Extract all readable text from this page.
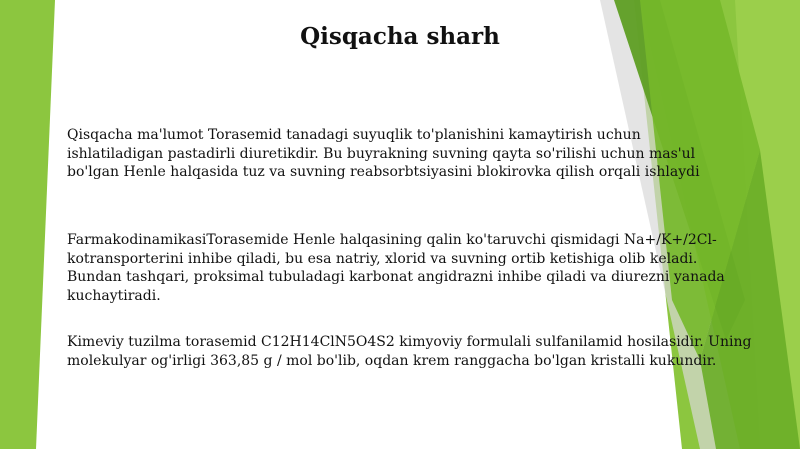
Qisqacha sharh

Qisqacha ma'lumot Torasemid tanadagi suyuqlik to'planishini kamaytirish uchun
ishlatiladigan pastadirli diuretikdir. Bu buyrakning suvning qayta so'rilishi uchun mas'ul
bo'lgan Henle halqasida tuz va suvning reabsorbtsiyasini blokirovka qilish orqali ishlaydi

FarmakodinamikasiTorasemide Henle halqasining qalin ko'taruvchi qismidagi Na+/K+/2Cl-
kotransporterini inhibe qiladi, bu esa natriy, xlorid va suvning ortib ketishiga olib keladi.
Bundan tashqari, proksimal tubuladagi karbonat angidrazni inhibe qiladi va diurezni yanada
kuchaytiradi.

Kimeviy tuzilma torasemid C12H14ClN5O4S2 kimyoviy formulali sulfanilamid hosilasidir. Uning
molekulyar og'irligi 363,85 g / mol bo'lib, oqdan krem ranggacha bo'lgan kristalli kukundir.
